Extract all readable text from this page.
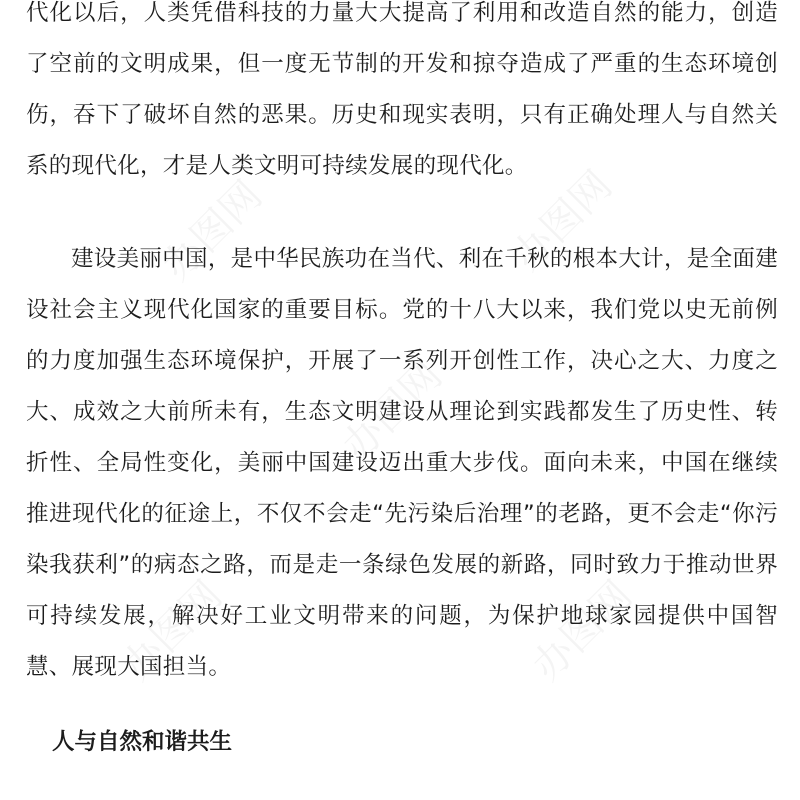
代化以后，人类凭借科技的力量大大提高了利用和改造自然的能力，创造了空前的文明成果，但一度无节制的开发和掠夺造成了严重的生态环境创伤，吞下了破坏自然的恶果。历史和现实表明，只有正确处理人与自然关系的现代化，才是人类文明可持续发展的现代化。

建设美丽中国，是中华民族功在当代、利在千秋的根本大计，是全面建设社会主义现代化国家的重要目标。党的十八大以来，我们党以史无前例的力度加强生态环境保护，开展了一系列开创性工作，决心之大、力度之大、成效之大前所未有，生态文明建设从理论到实践都发生了历史性、转折性、全局性变化，美丽中国建设迈出重大步伐。面向未来，中国在继续推进现代化的征途上，不仅不会走“先污染后治理”的老路，更不会走“你污染我获利”的病态之路，而是走一条绿色发展的新路，同时致力于推动世界可持续发展，解决好工业文明带来的问题，为保护地球家园提供中国智慧、展现大国担当。

人与自然和谐共生
